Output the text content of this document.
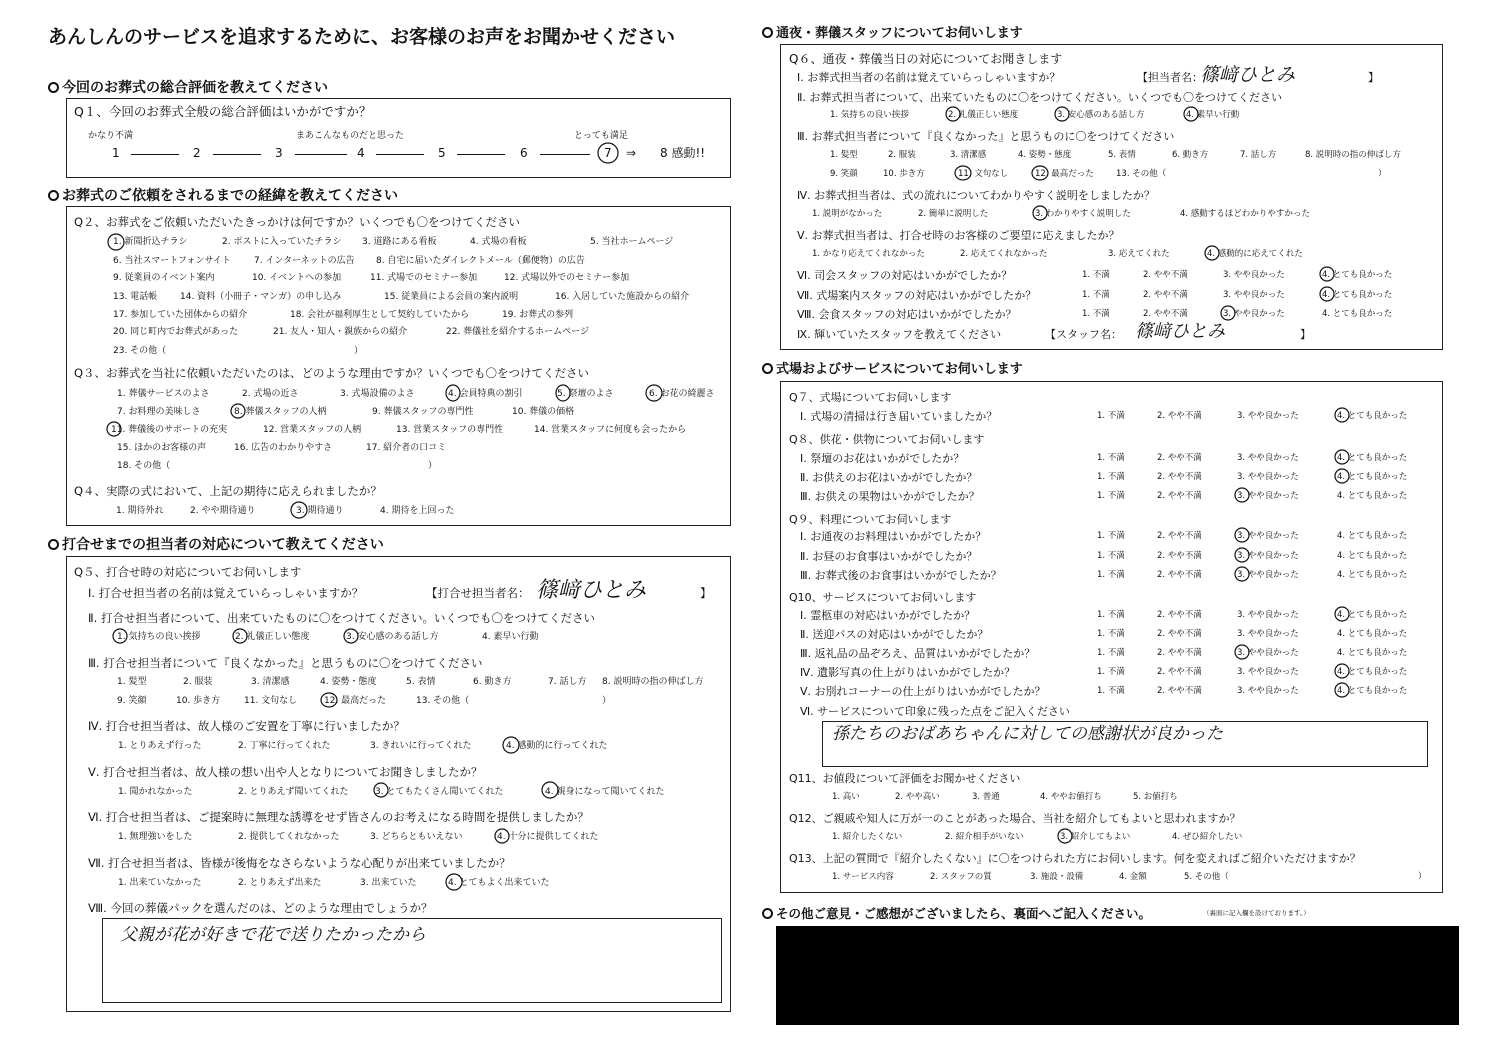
あんしんのサービスを追求するために、お客様のお声をお聞かせください
今回のお葬式の総合評価を教えてください
Q１、今回のお葬式全般の総合評価はいかがですか？
かなり不満	まあこんなものだと思った	とっても満足
1	2	3	4	5	6	7 ⇒ 8 感動!!
お葬式のご依頼をされるまでの経緯を教えてください
Q２、お葬式をご依頼いただいたきっかけは何ですか？いくつでも〇をつけてください
1. 新聞折込チラシ	2. ポストに入っていたチラシ 3. 道路にある看板	4. 式場の看板	5. 当社ホームページ
6. 当社スマートフォンサイト	7. インターネットの広告 8. 自宅に届いたダイレクトメール（郵便物）の広告
9. 従業員のイベント案内	10. イベントへの参加	11. 式場でのセミナー参加	12. 式場以外でのセミナー参加
13. 電話帳	14. 資料（小冊子・マンガ）の申し込み	15. 従業員による会員の案内説明	16. 入居していた施設からの紹介
17. 参加していた団体からの紹介	18. 会社が福利厚生として契約していたから	19. お葬式の参列
20. 同じ町内でお葬式があった	21. 友人・知人・親族からの紹介	22. 葬儀社を紹介するホームページ
23. その他（	）
Q３、お葬式を当社に依頼いただいたのは、どのような理由ですか？いくつでも〇をつけてください
1. 葬儀サービスのよさ	2. 式場の近さ	3. 式場設備のよさ	4. 会員特典の割引	5. 祭壇のよさ	6. お花の綺麗さ
7. お料理の美味しさ	8. 葬儀スタッフの人柄	9. 葬儀スタッフの専門性	10. 葬儀の価格
11. 葬儀後のサポートの充実	12. 営業スタッフの人柄	13. 営業スタッフの専門性	14. 営業スタッフに何度も会ったから
15. ほかのお客様の声	16. 広告のわかりやすさ	17. 紹介者の口コミ
18. その他（	）
Q４、実際の式において、上記の期待に応えられましたか？
1. 期待外れ	2. やや期待通り	3. 期待通り	4. 期待を上回った
打合せまでの担当者の対応について教えてください
Q５、打合せ時の対応についてお伺いします
Ⅰ. 打合せ担当者の名前は覚えていらっしゃいますか？	【打合せ担当者名： 篠﨑ひとみ	】
Ⅱ. 打合せ担当者について、出来ていたものに〇をつけてください。いくつでも〇をつけてください
1. 気持ちの良い挨拶	2. 礼儀正しい態度	3. 安心感のある話し方	4. 素早い行動
Ⅲ. 打合せ担当者について『良くなかった』と思うものに〇をつけてください
1. 髪型	2. 服装	3. 清潔感	4. 姿勢・態度	5. 表情	6. 動き方	7. 話し方 8. 説明時の指の伸ばし方
9. 笑顔	10. 歩き方	11. 文句なし	12. 最高だった	13. その他（	）
Ⅳ. 打合せ担当者は、故人様のご安置を丁寧に行いましたか？
1. とりあえず行った	2. 丁寧に行ってくれた	3. きれいに行ってくれた	4. 感動的に行ってくれた
Ⅴ. 打合せ担当者は、故人様の想い出や人となりについてお聞きしましたか？
1. 聞かれなかった	2. とりあえず聞いてくれた	3. とてもたくさん聞いてくれた	4. 親身になって聞いてくれた
Ⅵ. 打合せ担当者は、ご提案時に無理な誘導をせず皆さんのお考えになる時間を提供しましたか？
1. 無理強いをした	2. 提供してくれなかった	3. どちらともいえない	4. 十分に提供してくれた
Ⅶ. 打合せ担当者は、皆様が後悔をなさらないような心配りが出来ていましたか？
1. 出来ていなかった	2. とりあえず出来た	3. 出来ていた	4. とてもよく出来ていた
Ⅷ. 今回の葬儀パックを選んだのは、どのような理由でしょうか？
父親が花が好きで花で送りたかったから
通夜・葬儀スタッフについてお伺いします
Q６、通夜・葬儀当日の対応についてお聞きします
Ⅰ. お葬式担当者の名前は覚えていらっしゃいますか？	【担当者名：
篠﨑ひとみ	】
Ⅱ. お葬式担当者について、出来ていたものに〇をつけてください。いくつでも〇をつけてください
1. 気持ちの良い挨拶	2. 礼儀正しい態度	3. 安心感のある話し方	4. 素早い行動
Ⅲ. お葬式担当者について『良くなかった』と思うものに〇をつけてください
1. 髪型	2. 服装	3. 清潔感	4. 姿勢・態度	5. 表情	6. 動き方	7. 話し方	8. 説明時の指の伸ばし方
9. 笑顔	10. 歩き方	11. 文句なし	12. 最高だった	13. その他（	）
Ⅳ. お葬式担当者は、式の流れについてわかりやすく説明をしましたか？
1. 説明がなかった	2. 簡単に説明した	3. わかりやすく説明した	4. 感動するほどわかりやすかった
Ⅴ. お葬式担当者は、打合せ時のお客様のご要望に応えましたか？
1. かなり応えてくれなかった	2. 応えてくれなかった	3. 応えてくれた	4. 感動的に応えてくれた
Ⅵ. 司会スタッフの対応はいかがでしたか？	1. 不満	2. やや不満	3. やや良かった	4. とても良かった
Ⅶ. 式場案内スタッフの対応はいかがでしたか？	1. 不満	2. やや不満	3. やや良かった	4. とても良かった
Ⅷ. 会食スタッフの対応はいかがでしたか？	1. 不満	2. やや不満	3. やや良かった	4. とても良かった
Ⅸ. 輝いていたスタッフを教えてください	【スタッフ名： 篠﨑ひとみ	】
式場およびサービスについてお伺いします
Q７、式場についてお伺いします
Ⅰ. 式場の清掃は行き届いていましたか？	1. 不満	2. やや不満	3. やや良かった	4. とても良かった
Q８、供花・供物についてお伺いします
Ⅰ. 祭壇のお花はいかがでしたか？	1. 不満	2. やや不満	3. やや良かった	4. とても良かった
Ⅱ. お供えのお花はいかがでしたか？	1. 不満	2. やや不満	3. やや良かった	4. とても良かった
Ⅲ. お供えの果物はいかがでしたか？	1. 不満	2. やや不満	3. やや良かった	4. とても良かった
Q９、料理についてお伺いします
Ⅰ. お通夜のお料理はいかがでしたか？	1. 不満	2. やや不満	3. やや良かった	4. とても良かった
Ⅱ. お昼のお食事はいかがでしたか？	1. 不満	2. やや不満	3. やや良かった	4. とても良かった
Ⅲ. お葬式後のお食事はいかがでしたか？	1. 不満	2. やや不満	3. やや良かった	4. とても良かった
Q10、サービスについてお伺いします
Ⅰ. 霊柩車の対応はいかがでしたか？	1. 不満	2. やや不満	3. やや良かった	4. とても良かった
Ⅱ. 送迎バスの対応はいかがでしたか？	1. 不満	2. やや不満	3. やや良かった	4. とても良かった
Ⅲ. 返礼品の品ぞろえ、品質はいかがでしたか？	1. 不満	2. やや不満	3. やや良かった	4. とても良かった
Ⅳ. 遺影写真の仕上がりはいかがでしたか？	1. 不満	2. やや不満	3. やや良かった	4. とても良かった
Ⅴ. お別れコーナーの仕上がりはいかがでしたか？	1. 不満	2. やや不満	3. やや良かった	4. とても良かった
Ⅵ. サービスについて印象に残った点をご記入ください
孫たちのおばあちゃんに対しての感謝状が良かった
Q11、お値段について評価をお聞かせください
1. 高い	2. やや高い	3. 普通	4. ややお値打ち	5. お値打ち
Q12、ご親戚や知人に万が一のことがあった場合、当社を紹介してもよいと思われますか？
1. 紹介したくない	2. 紹介相手がいない	3. 紹介してもよい	4. ぜひ紹介したい
Q13、上記の質問で『紹介したくない』に〇をつけられた方にお伺いします。何を変えればご紹介いただけますか？
1. サービス内容	2. スタッフの質	3. 施設・設備	4. 金額	5. その他（	）
その他ご意見・ご感想がございましたら、裏面へご記入ください。	（裏面に記入欄を設けております。）
